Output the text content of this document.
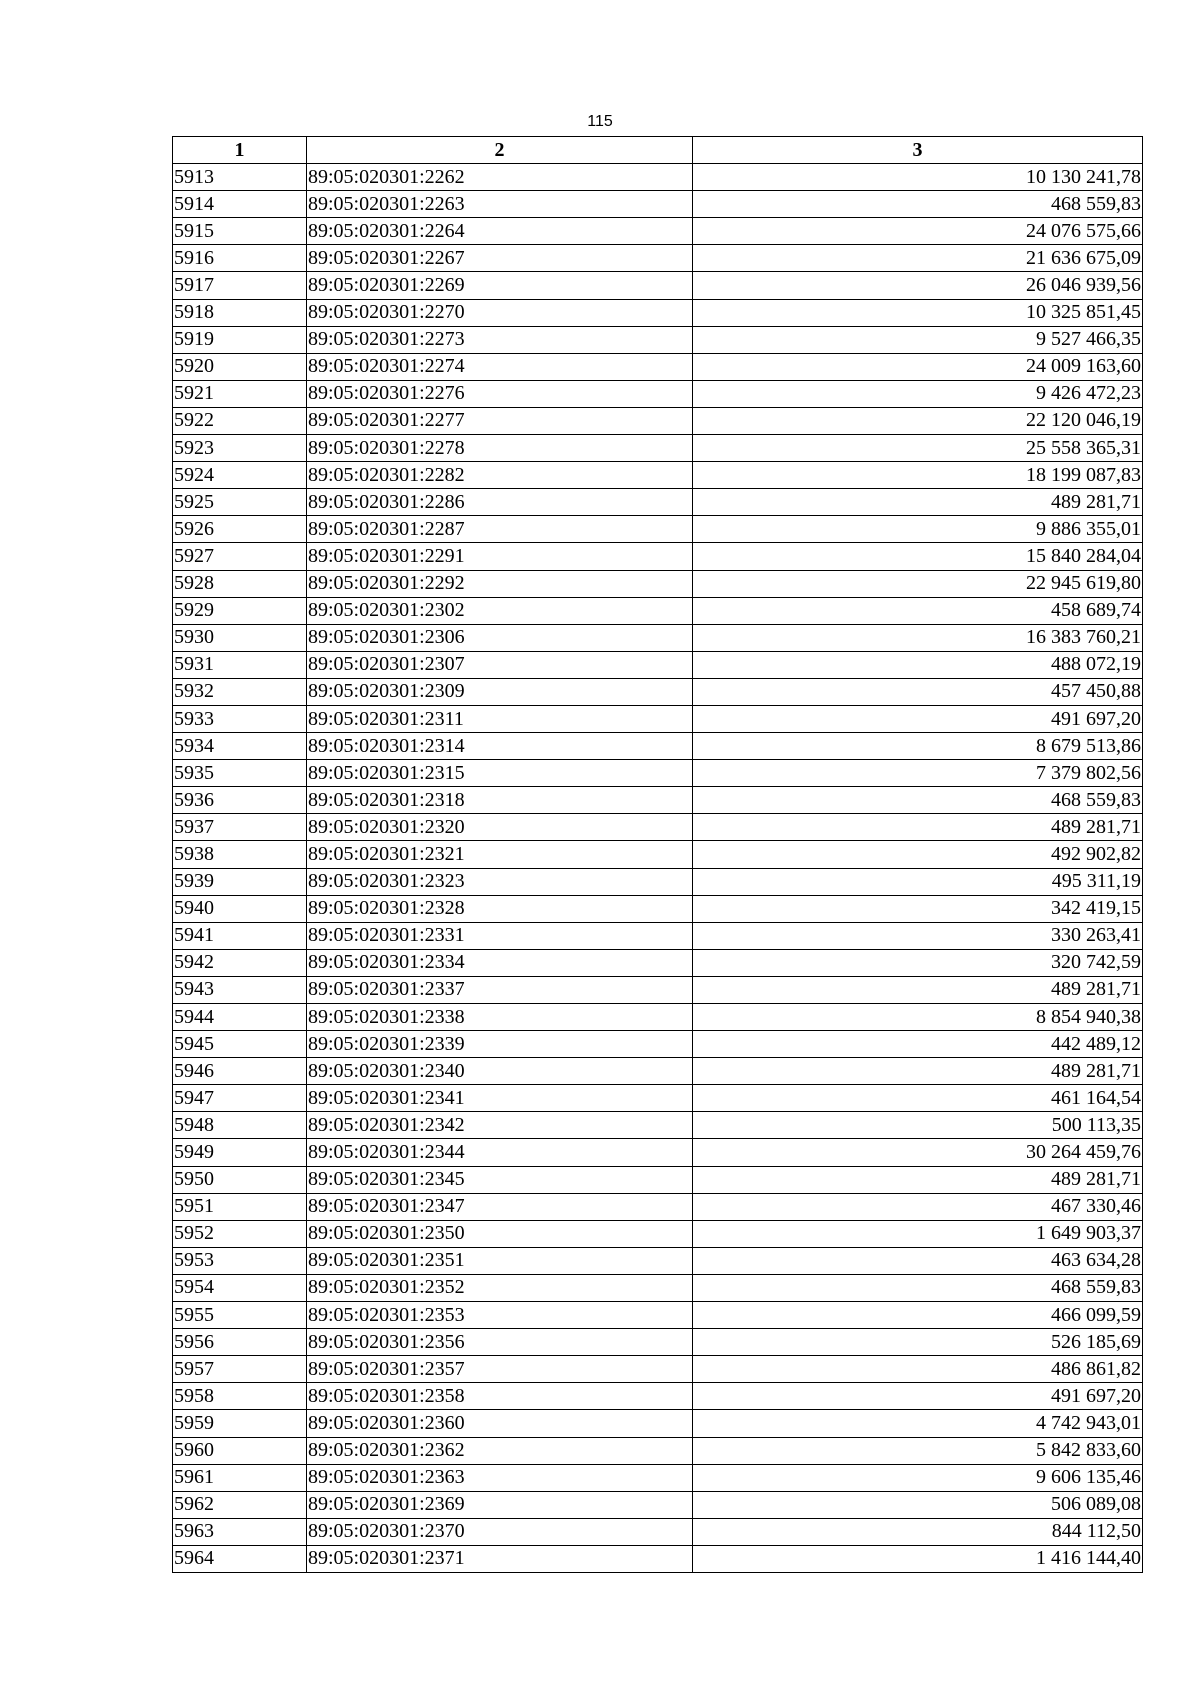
115
1	2	3
5913	89:05:020301:2262	10 130 241,78
5914	89:05:020301:2263	468 559,83
5915	89:05:020301:2264	24 076 575,66
5916	89:05:020301:2267	21 636 675,09
5917	89:05:020301:2269	26 046 939,56
5918	89:05:020301:2270	10 325 851,45
5919	89:05:020301:2273	9 527 466,35
5920	89:05:020301:2274	24 009 163,60
5921	89:05:020301:2276	9 426 472,23
5922	89:05:020301:2277	22 120 046,19
5923	89:05:020301:2278	25 558 365,31
5924	89:05:020301:2282	18 199 087,83
5925	89:05:020301:2286	489 281,71
5926	89:05:020301:2287	9 886 355,01
5927	89:05:020301:2291	15 840 284,04
5928	89:05:020301:2292	22 945 619,80
5929	89:05:020301:2302	458 689,74
5930	89:05:020301:2306	16 383 760,21
5931	89:05:020301:2307	488 072,19
5932	89:05:020301:2309	457 450,88
5933	89:05:020301:2311	491 697,20
5934	89:05:020301:2314	8 679 513,86
5935	89:05:020301:2315	7 379 802,56
5936	89:05:020301:2318	468 559,83
5937	89:05:020301:2320	489 281,71
5938	89:05:020301:2321	492 902,82
5939	89:05:020301:2323	495 311,19
5940	89:05:020301:2328	342 419,15
5941	89:05:020301:2331	330 263,41
5942	89:05:020301:2334	320 742,59
5943	89:05:020301:2337	489 281,71
5944	89:05:020301:2338	8 854 940,38
5945	89:05:020301:2339	442 489,12
5946	89:05:020301:2340	489 281,71
5947	89:05:020301:2341	461 164,54
5948	89:05:020301:2342	500 113,35
5949	89:05:020301:2344	30 264 459,76
5950	89:05:020301:2345	489 281,71
5951	89:05:020301:2347	467 330,46
5952	89:05:020301:2350	1 649 903,37
5953	89:05:020301:2351	463 634,28
5954	89:05:020301:2352	468 559,83
5955	89:05:020301:2353	466 099,59
5956	89:05:020301:2356	526 185,69
5957	89:05:020301:2357	486 861,82
5958	89:05:020301:2358	491 697,20
5959	89:05:020301:2360	4 742 943,01
5960	89:05:020301:2362	5 842 833,60
5961	89:05:020301:2363	9 606 135,46
5962	89:05:020301:2369	506 089,08
5963	89:05:020301:2370	844 112,50
5964	89:05:020301:2371	1 416 144,40
